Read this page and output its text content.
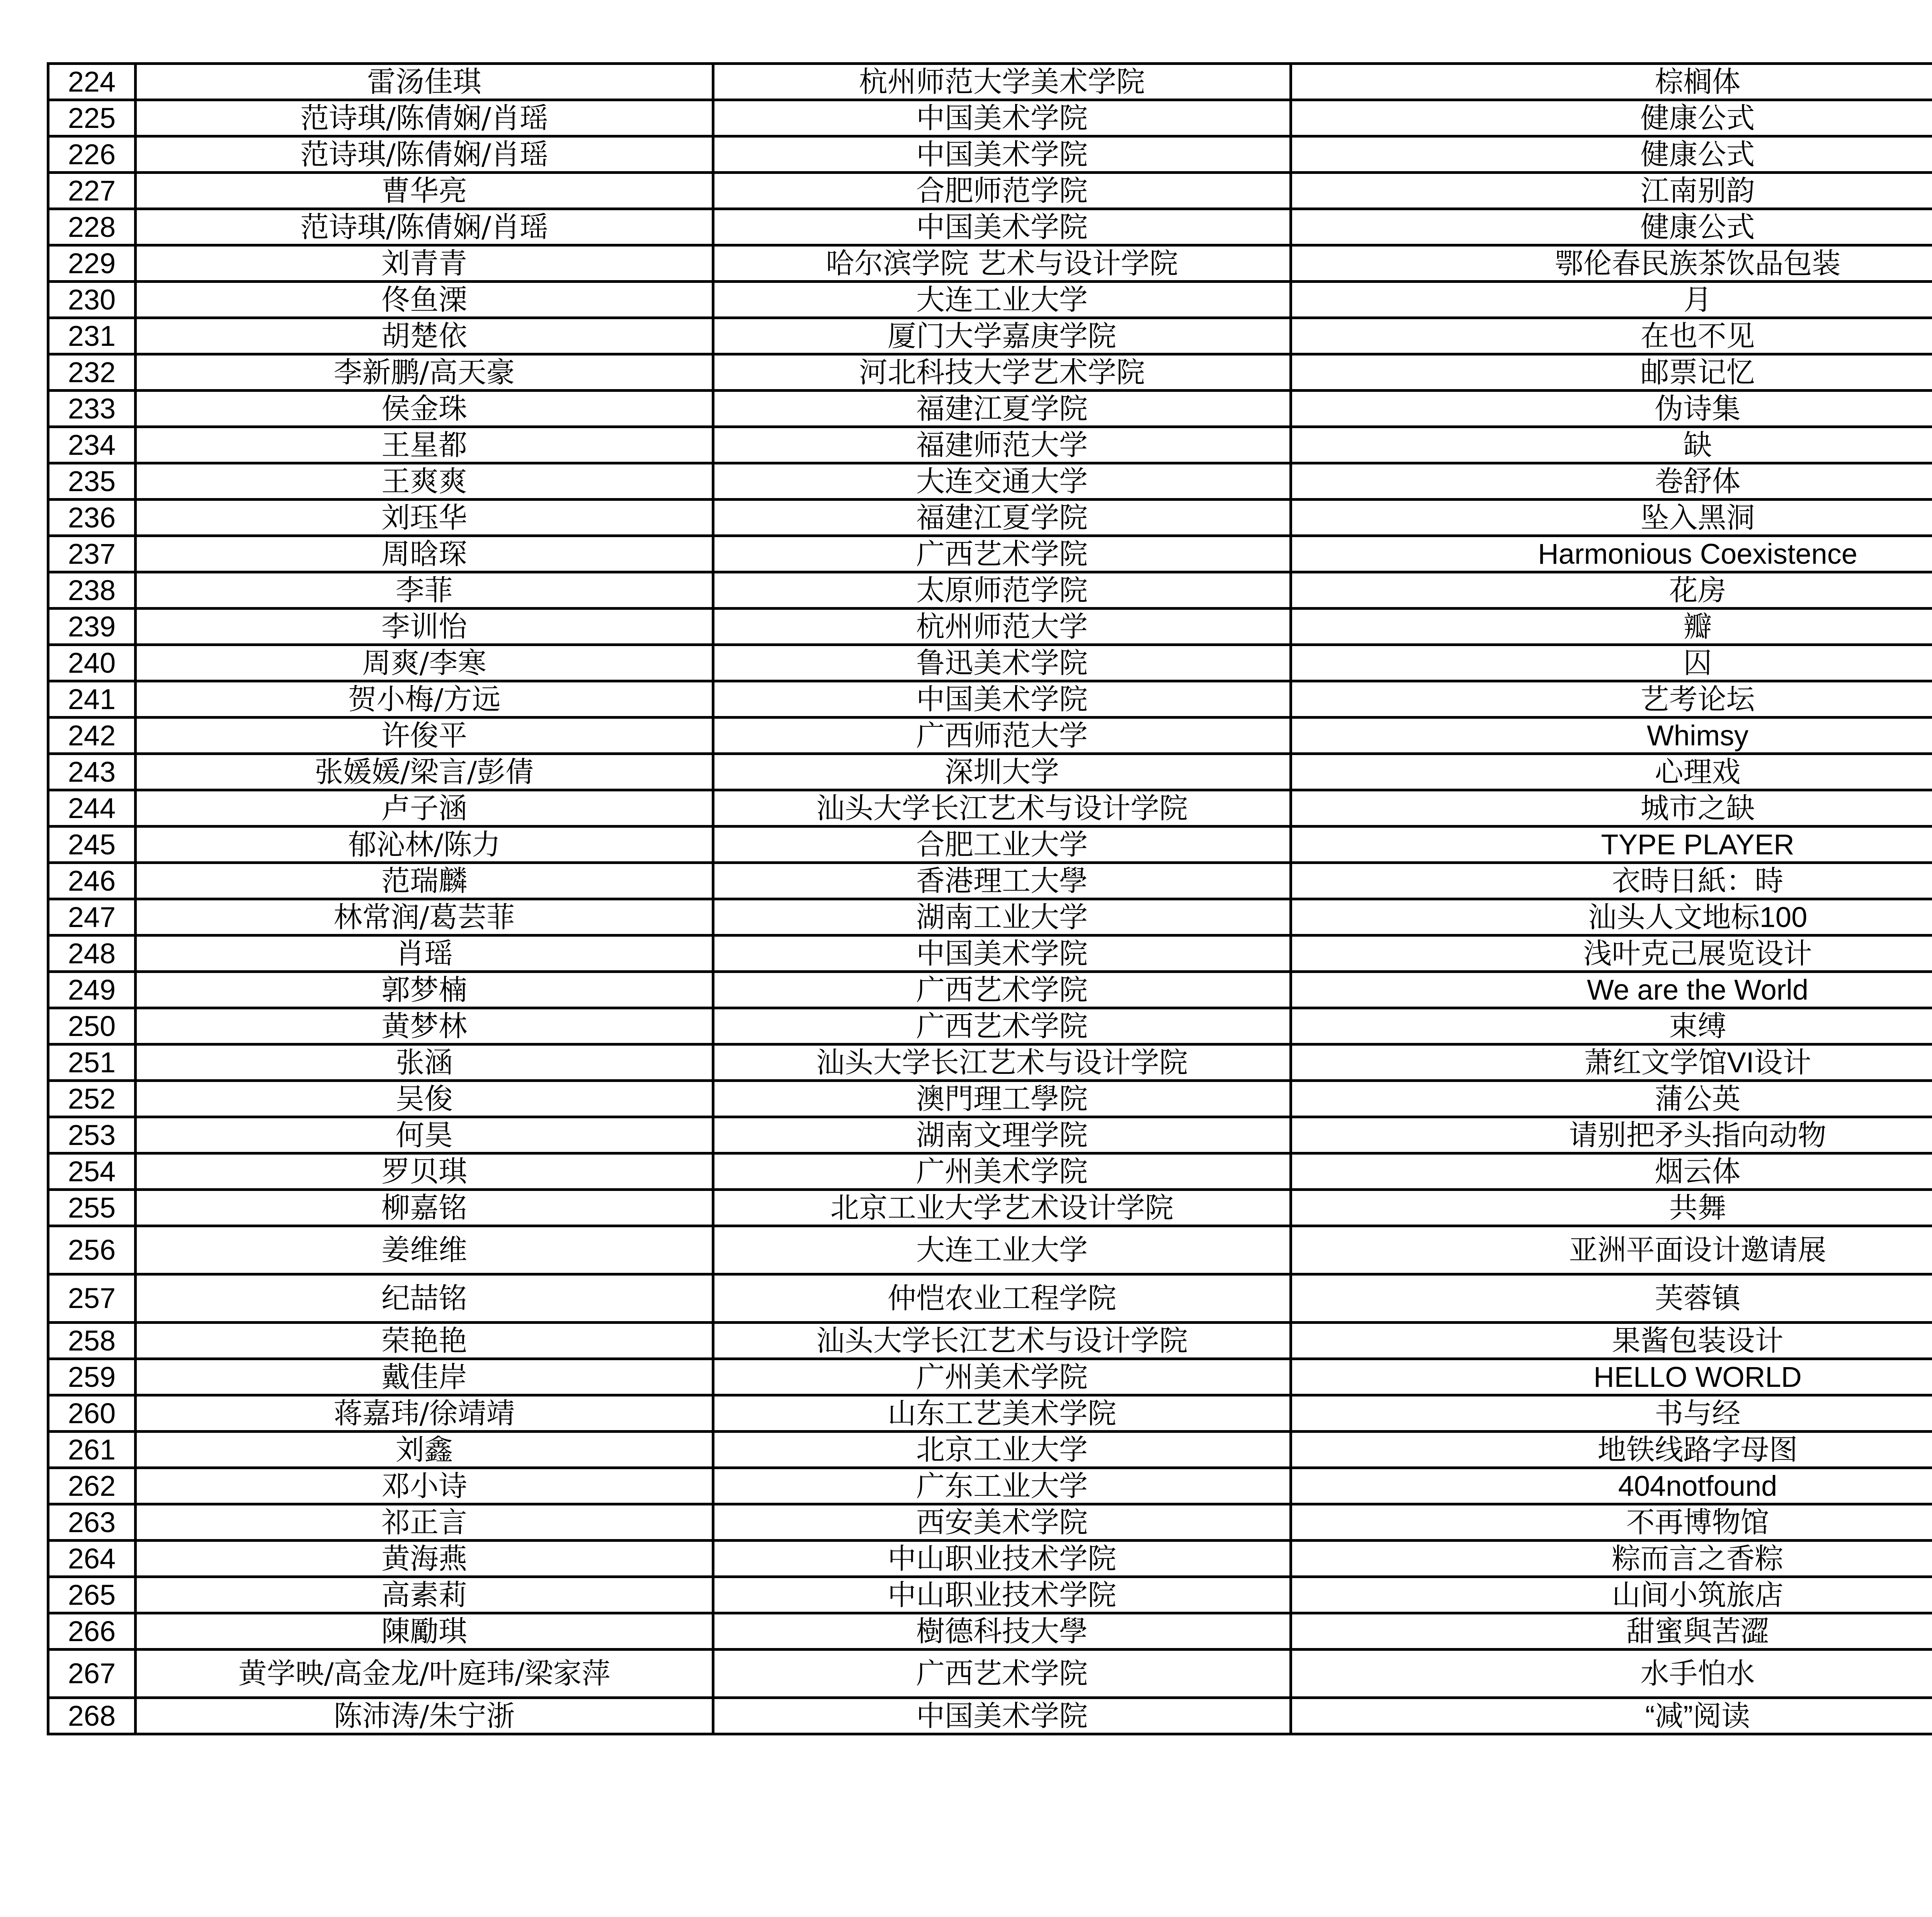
224	雷汤佳琪	杭州师范大学美术学院	棕榈体		
225	范诗琪/陈倩娴/肖瑶	中国美术学院	健康公式		
226	范诗琪/陈倩娴/肖瑶	中国美术学院	健康公式		
227	曹华亮	合肥师范学院	江南别韵		
228	范诗琪/陈倩娴/肖瑶	中国美术学院	健康公式		
229	刘青青	哈尔滨学院 艺术与设计学院	鄂伦春民族茶饮品包装		
230	佟鱼溧	大连工业大学	月		
231	胡楚依	厦门大学嘉庚学院	在也不见		
232	李新鹏/高天豪	河北科技大学艺术学院	邮票记忆		
233	侯金珠	福建江夏学院	伪诗集		
234	王星都	福建师范大学	缺		
235	王爽爽	大连交通大学	卷舒体		
236	刘珏华	福建江夏学院	坠入黑洞		
237	周晗琛	广西艺术学院	Harmonious Coexistence		
238	李菲	太原师范学院	花房		
239	李训怡	杭州师范大学	瓣		
240	周爽/李寒	鲁迅美术学院	囚		
241	贺小梅/方远	中国美术学院	艺考论坛		
242	许俊平	广西师范大学	Whimsy		
243	张媛媛/梁言/彭倩	深圳大学	心理戏		
244	卢子涵	汕头大学长江艺术与设计学院	城市之缺		
245	郁沁林/陈力	合肥工业大学	TYPE PLAYER		
246	范瑞麟	香港理工大學	衣時日紙：時		
247	林常润/葛芸菲	湖南工业大学	汕头人文地标100		
248	肖瑶	中国美术学院	浅叶克己展览设计		
249	郭梦楠	广西艺术学院	We are the World		
250	黄梦林	广西艺术学院	束缚		
251	张涵	汕头大学长江艺术与设计学院	萧红文学馆VI设计		
252	吴俊	澳門理工學院	蒲公英		
253	何昊	湖南文理学院	请别把矛头指向动物		
254	罗贝琪	广州美术学院	烟云体		
255	柳嘉铭	北京工业大学艺术设计学院	共舞		
256	姜维维	大连工业大学	亚洲平面设计邀请展		
257	纪喆铭	仲恺农业工程学院	芙蓉镇		
258	荣艳艳	汕头大学长江艺术与设计学院	果酱包装设计		
259	戴佳岸	广州美术学院	HELLO WORLD		
260	蒋嘉玮/徐靖靖	山东工艺美术学院	书与经		
261	刘鑫	北京工业大学	地铁线路字母图		
262	邓小诗	广东工业大学	404notfound		
263	祁正言	西安美术学院	不再博物馆		
264	黄海燕	中山职业技术学院	粽而言之香粽		
265	高素莉	中山职业技术学院	山间小筑旅店		
266	陳勵琪	樹德科技大學	甜蜜與苦澀		
267	黄学映/高金龙/叶庭玮/梁家萍	广西艺术学院	水手怕水		
268	陈沛涛/朱宁浙	中国美术学院	“减”阅读		
